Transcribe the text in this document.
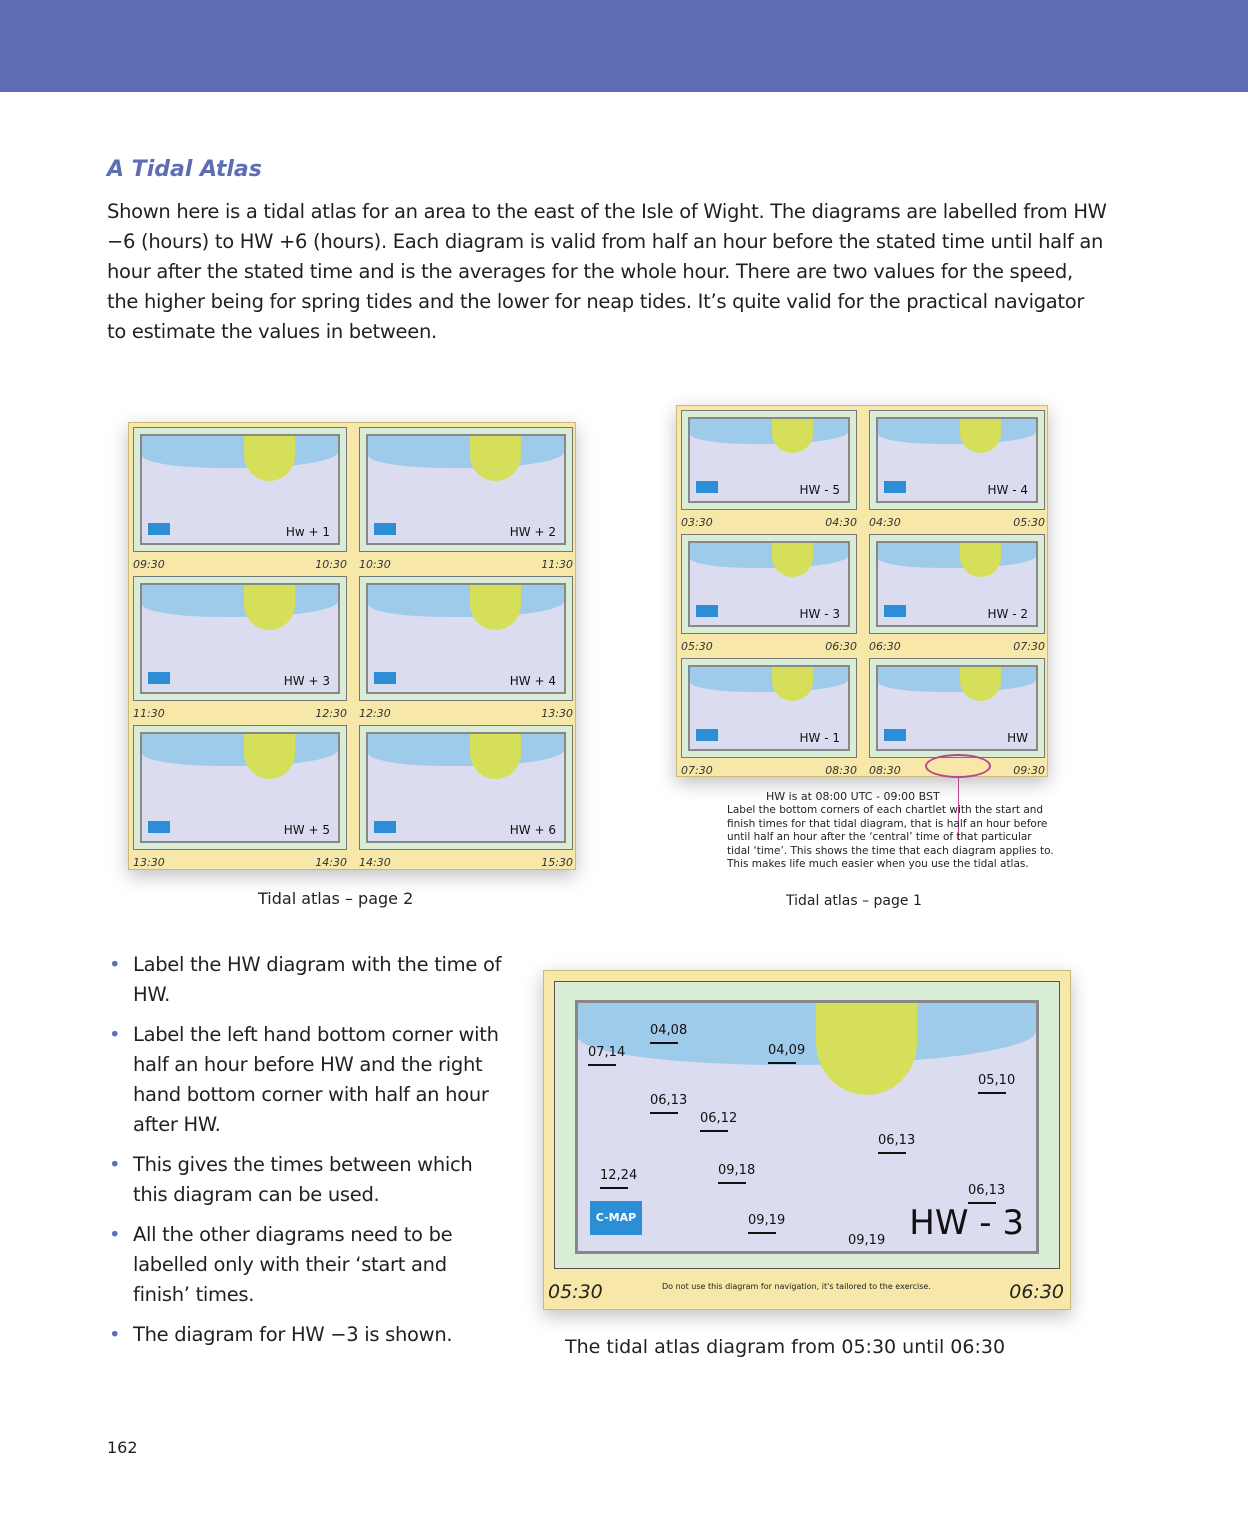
A Tidal Atlas

Shown here is a tidal atlas for an area to the east of the Isle of Wight. The diagrams are labelled from HW −6 (hours) to HW +6 (hours). Each diagram is valid from half an hour before the stated time until half an hour after the stated time and is the averages for the whole hour. There are two values for the speed, the higher being for spring tides and the lower for neap tides. It’s quite valid for the practical navigator to estimate the values in between.

Hw + 1
09:30	10:30
HW + 2
10:30	11:30
HW + 3
11:30	12:30
HW + 4
12:30	13:30
HW + 5
13:30	14:30
HW + 6
14:30	15:30
Tidal atlas – page 2
HW - 5
03:30	04:30
HW - 4
04:30	05:30
HW - 3
05:30	06:30
HW - 2
06:30	07:30
HW - 1
07:30	08:30
HW
08:30	09:30
HW is at 08:00 UTC - 09:00 BST
Label the bottom corners of each chartlet with the start and finish times for that tidal diagram, that is half an hour before until half an hour after the ‘central’ time of that particular tidal ‘time’. This shows the time that each diagram applies to. This makes life much easier when you use the tidal atlas.
Tidal atlas – page 1
• Label the HW diagram with the time of HW.
• Label the left hand bottom corner with half an hour before HW and the right hand bottom corner with half an hour after HW.
• This gives the times between which this diagram can be used.
• All the other diagrams need to be labelled only with their ‘start and finish’ times.
• The diagram for HW −3 is shown.
C-MAP	HW - 3
07,14
04,08
04,09
05,10
06,13
06,12
06,13
12,24	09,18
06,13
09,19
09,19
05:30	Do not use this diagram for navigation, it's tailored to the exercise.	06:30
The tidal atlas diagram from 05:30 until 06:30
162
